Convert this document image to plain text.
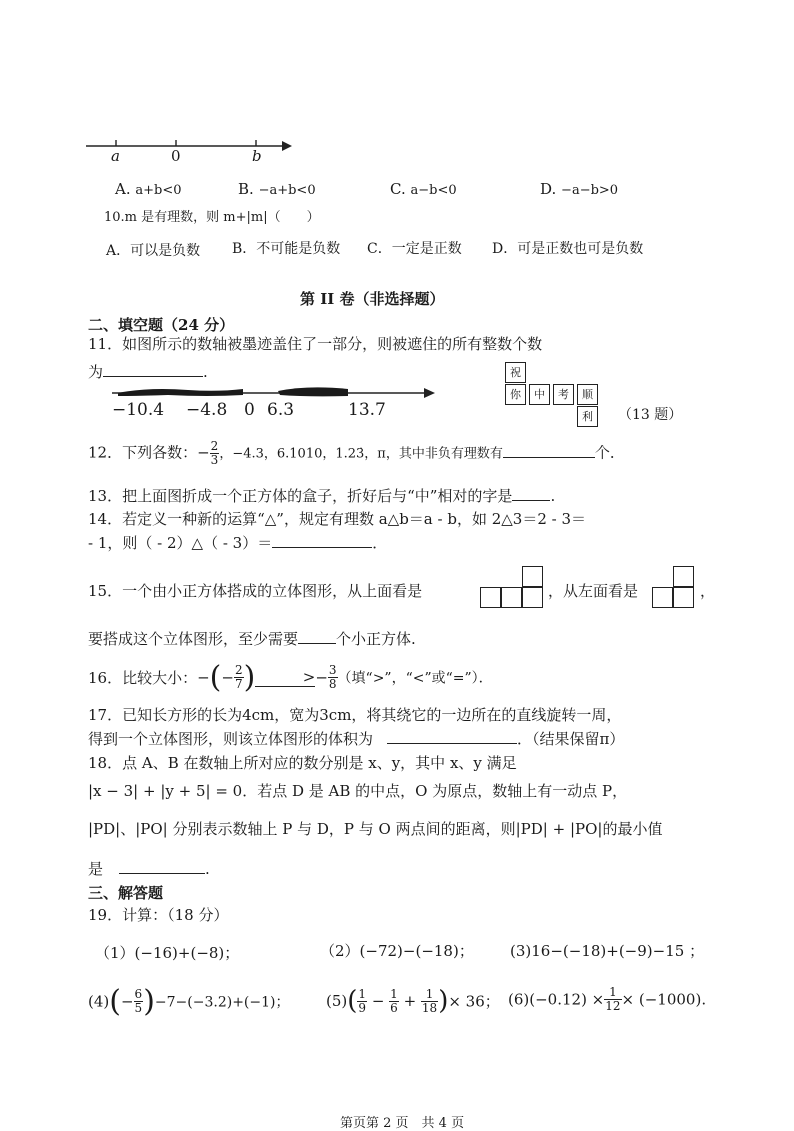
a	0	b
A. a+b<0	B. −a+b<0	C. a−b<0	D. −a−b>0
10.m 是有理数，则 m+|m|（　　）
A．可以是负数 B．不可能是负数 C．一定是正数 D．可是正数也可是负数
第 II 卷（非选择题）
二、填空题（24 分）
11．如图所示的数轴被墨迹盖住了一部分，则被遮住的所有整数个数
为	.
−10.4 −4.8 0 6.3	13.7
祝
你	中	考	顺
利	（13 题）
12．下列各数：− $\frac{2}{3}$ ，−4.3，6.1010，1.23̇，π，其中非负有理数有	个．
13．把上面图折成一个正方体的盒子，折好后与“中”相对的字是	.
14．若定义一种新的运算“△”，规定有理数 a△b＝a - b，如 2△3＝2 - 3＝
- 1，则（ - 2）△（ - 3）＝	．
15．一个由小正方体搭成的立体图形，从上面看是	，从左面看是	，
要搭成这个立体图形，至少需要	个小正方体.
16．比较大小：−(− $\frac{2}{7}$ )	>− $\frac{3}{8}$ （填“>”，“<”或“=”）．
17．已知长方形的长为4cm，宽为3cm，将其绕它的一边所在的直线旋转一周，
得到一个立体图形，则该立体图形的体积为	．（结果保留π）
18．点 A、B 在数轴上所对应的数分别是 x、y，其中 x、y 满足
|x − 3| + |y + 5| = 0．若点 D 是 AB 的中点，O 为原点，数轴上有一动点 P，
|PD|、|PO| 分别表示数轴上 P 与 D，P 与 O 两点间的距离，则|PD| + |PO|的最小值
是	.
三、解答题
19．计算：（18 分）
（1）(−16)+(−8)；	（2）(−72)−(−18)； (3)16−(−18)+(−9)−15 ；
$(4)(- \frac{6}{5} )-7-(-3.2)+(-1)$； $(5)( \frac{1}{9} - \frac{1}{6} + \frac{1}{18}$ )× 36； $(6)(-0.12) \times \frac{1}{12} \times (-1000)$.
第页第 2 页　共 4 页
